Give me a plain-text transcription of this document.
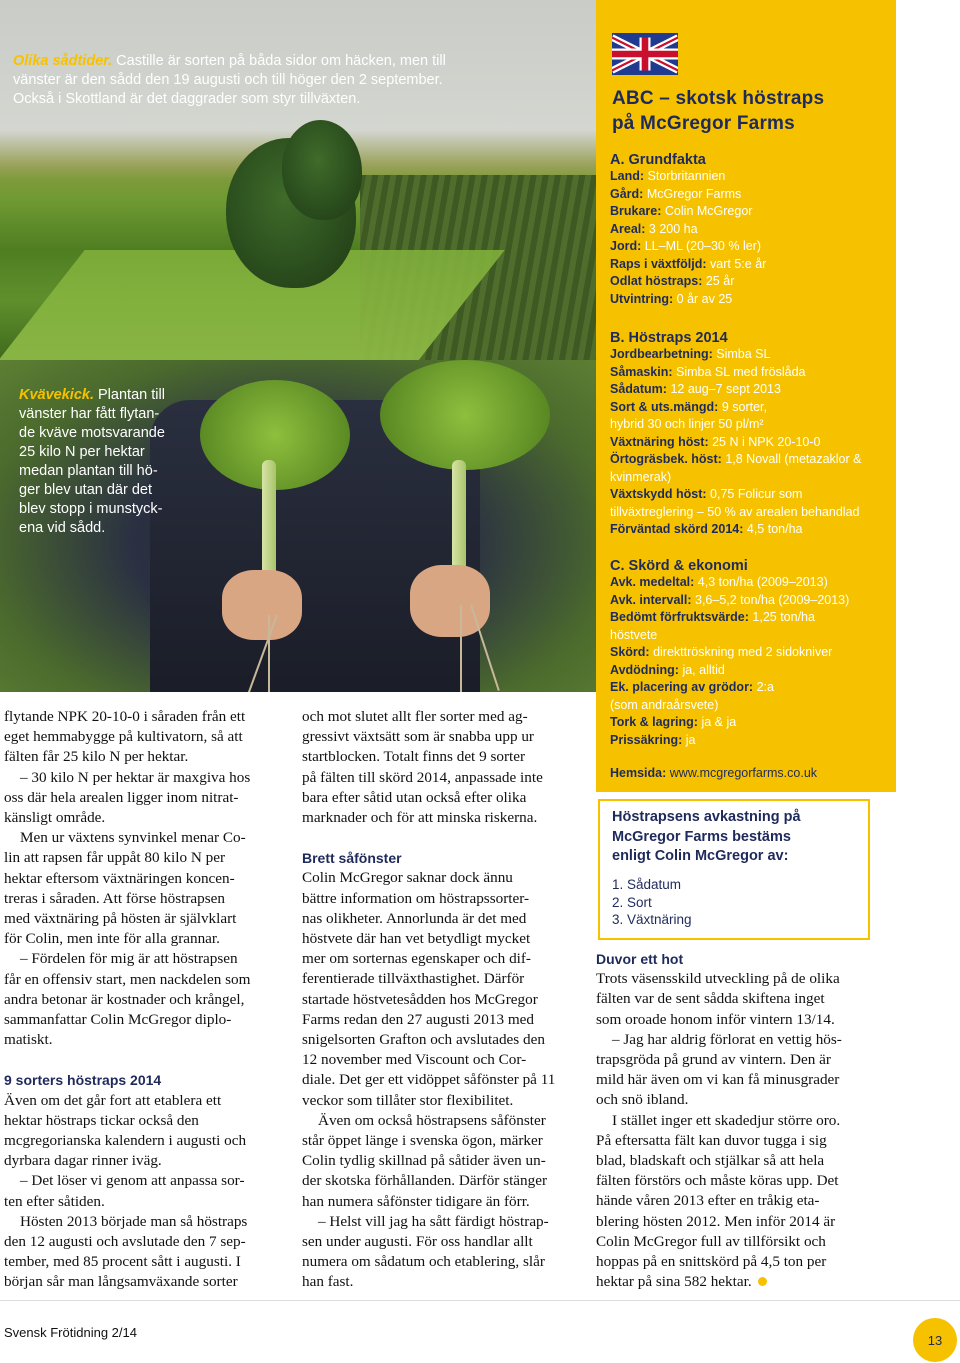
Olika sådtider. Castille är sorten på båda sidor om häcken, men till
vänster är den sådd den 19 augusti och till höger den 2 september.
Också i Skottland är det daggrader som styr tillväxten.
Kvävekick. Plantan till
vänster har fått flytan-
de kväve motsvarande
25 kilo N per hektar
medan plantan till hö-
ger blev utan där det
blev stopp i munstyck-
ena vid sådd.
ABC – skotsk höstraps
på McGregor Farms
A. Grundfakta
Land: Storbritannien
Gård: McGregor Farms
Brukare: Colin McGregor
Areal: 3 200 ha
Jord: LL–ML (20–30 % ler)
Raps i växtföljd: vart 5:e år
Odlat höstraps: 25 år
Utvintring: 0 år av 25
B. Höstraps 2014
Jordbearbetning: Simba SL
Såmaskin: Simba SL med fröslåda
Sådatum: 12 aug–7 sept 2013
Sort & uts.mängd: 9 sorter,
hybrid 30 och linjer 50 pl/m²
Växtnäring höst: 25 N i NPK 20-10-0
Örtogräsbek. höst: 1,8 Novall (metazaklor &
kvinmerak)
Växtskydd höst: 0,75 Folicur som
tillväxtreglering – 50 % av arealen behandlad
Förväntad skörd 2014: 4,5 ton/ha
C. Skörd & ekonomi
Avk. medeltal: 4,3 ton/ha (2009–2013)
Avk. intervall: 3,6–5,2 ton/ha (2009–2013)
Bedömt förfruktsvärde: 1,25 ton/ha
höstvete
Skörd: direkttröskning med 2 sidokniver
Avdödning: ja, alltid
Ek. placering av grödor: 2:a
(som andraårsvete)
Tork & lagring: ja & ja
Prissäkring: ja
Hemsida: www.mcgregorfarms.co.uk
Höstrapsens avkastning på
McGregor Farms bestäms
enligt Colin McGregor av:
1. Sådatum
2. Sort
3. Växtnäring

flytande NPK 20-10-0 i såraden från ett

eget hemmabygge på kultivatorn, så att

fälten får 25 kilo N per hektar.

– 30 kilo N per hektar är maxgiva hos

oss där hela arealen ligger inom nitrat-

känsligt område.

Men ur växtens synvinkel menar Co-

lin att rapsen får uppåt 80 kilo N per

hektar eftersom växtnäringen koncen-

treras i såraden. Att förse höstrapsen

med växtnäring på hösten är självklart

för Colin, men inte för alla grannar.

– Fördelen för mig är att höstrapsen

får en offensiv start, men nackdelen som

andra betonar är kostnader och krångel,

sammanfattar Colin McGregor diplo-

matiskt.

9 sorters höstraps 2014

Även om det går fort att etablera ett

hektar höstraps tickar också den

mcgregorianska kalendern i augusti och

dyrbara dagar rinner iväg.

– Det löser vi genom att anpassa sor-

ten efter såtiden.

Hösten 2013 började man så höstraps

den 12 augusti och avslutade den 7 sep-

tember, med 85 procent sått i augusti. I

början sår man långsamväxande sorter

och mot slutet allt fler sorter med ag-

gressivt växtsätt som är snabba upp ur

startblocken. Totalt finns det 9 sorter

på fälten till skörd 2014, anpassade inte

bara efter såtid utan också efter olika

marknader och för att minska riskerna.

Brett såfönster

Colin McGregor saknar dock ännu

bättre information om höstrapssorter-

nas olikheter. Annorlunda är det med

höstvete där han vet betydligt mycket

mer om sorternas egenskaper och dif-

ferentierade tillväxthastighet. Därför

startade höstvetesådden hos McGregor

Farms redan den 27 augusti 2013 med

snigelsorten Grafton och avslutades den

12 november med Viscount och Cor-

diale. Det ger ett vidöppet såfönster på 11

veckor som tillåter stor flexibilitet.

Även om också höstrapsens såfönster

står öppet länge i svenska ögon, märker

Colin tydlig skillnad på såtider även un-

der skotska förhållanden. Därför stänger

han numera såfönster tidigare än förr.

– Helst vill jag ha sått färdigt höstrap-

sen under augusti. För oss handlar allt

numera om sådatum och etablering, slår

han fast.

Duvor ett hot

Trots väsensskild utveckling på de olika

fälten var de sent sådda skiftena inget

som oroade honom inför vintern 13/14.

– Jag har aldrig förlorat en vettig hös-

trapsgröda på grund av vintern. Den är

mild här även om vi kan få minusgrader

och snö ibland.

I stället inger ett skadedjur större oro.

På eftersatta fält kan duvor tugga i sig

blad, bladskaft och stjälkar så att hela

fälten förstörs och måste köras upp. Det

hände våren 2013 efter en tråkig eta-

blering hösten 2012. Men inför 2014 är

Colin McGregor full av tillförsikt och

hoppas på en snittskörd på 4,5 ton per

hektar på sina 582 hektar.

Svensk Frötidning 2/14	13
